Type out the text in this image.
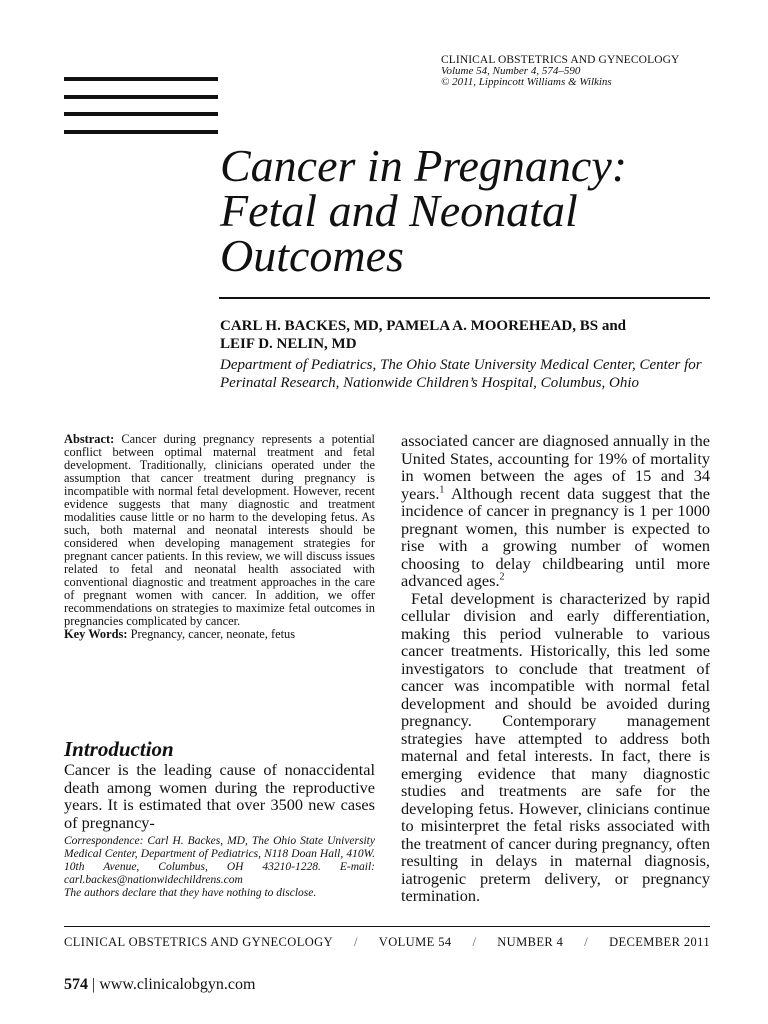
CLINICAL OBSTETRICS AND GYNECOLOGY
Volume 54, Number 4, 574–590
© 2011, Lippincott Williams & Wilkins
Cancer in Pregnancy:
Fetal and Neonatal
Outcomes
CARL H. BACKES, MD, PAMELA A. MOOREHEAD, BS and
LEIF D. NELIN, MD
Department of Pediatrics, The Ohio State University Medical Center, Center for Perinatal Research, Nationwide Children’s Hospital, Columbus, Ohio
Abstract: Cancer during pregnancy represents a potential conflict between optimal maternal treatment and fetal development. Traditionally, clinicians operated under the assumption that cancer treatment during pregnancy is incompatible with normal fetal development. However, recent evidence suggests that many diagnostic and treatment modalities cause little or no harm to the developing fetus. As such, both maternal and neonatal interests should be considered when developing management strategies for pregnant cancer patients. In this review, we will discuss issues related to fetal and neonatal health associated with conventional diagnostic and treatment approaches in the care of pregnant women with cancer. In addition, we offer recommendations on strategies to maximize fetal outcomes in pregnancies complicated by cancer.
Key Words: Pregnancy, cancer, neonate, fetus
Introduction
Cancer is the leading cause of nonaccidental death among women during the reproductive years. It is estimated that over 3500 new cases of pregnancy-
Correspondence: Carl H. Backes, MD, The Ohio State University Medical Center, Department of Pediatrics, N118 Doan Hall, 410W. 10th Avenue, Columbus, OH 43210-1228. E-mail: carl.backes@nationwidechildrens.com
The authors declare that they have nothing to disclose.

associated cancer are diagnosed annually in the United States, accounting for 19% of mortality in women between the ages of 15 and 34 years.$^1$ Although recent data suggest that the incidence of cancer in pregnancy is 1 per 1000 pregnant women, this number is expected to rise with a growing number of women choosing to delay childbearing until more advanced ages.$^2$

Fetal development is characterized by rapid cellular division and early differentiation, making this period vulnerable to various cancer treatments. Historically, this led some investigators to conclude that treatment of cancer was incompatible with normal fetal development and should be avoided during pregnancy. Contemporary management strategies have attempted to address both maternal and fetal interests. In fact, there is emerging evidence that many diagnostic studies and treatments are safe for the developing fetus. However, clinicians continue to misinterpret the fetal risks associated with the treatment of cancer during pregnancy, often resulting in delays in maternal diagnosis, iatrogenic preterm delivery, or pregnancy termination.

CLINICAL OBSTETRICS AND GYNECOLOGY / VOLUME 54 / NUMBER 4 / DECEMBER 2011
574 | www.clinicalobgyn.com
